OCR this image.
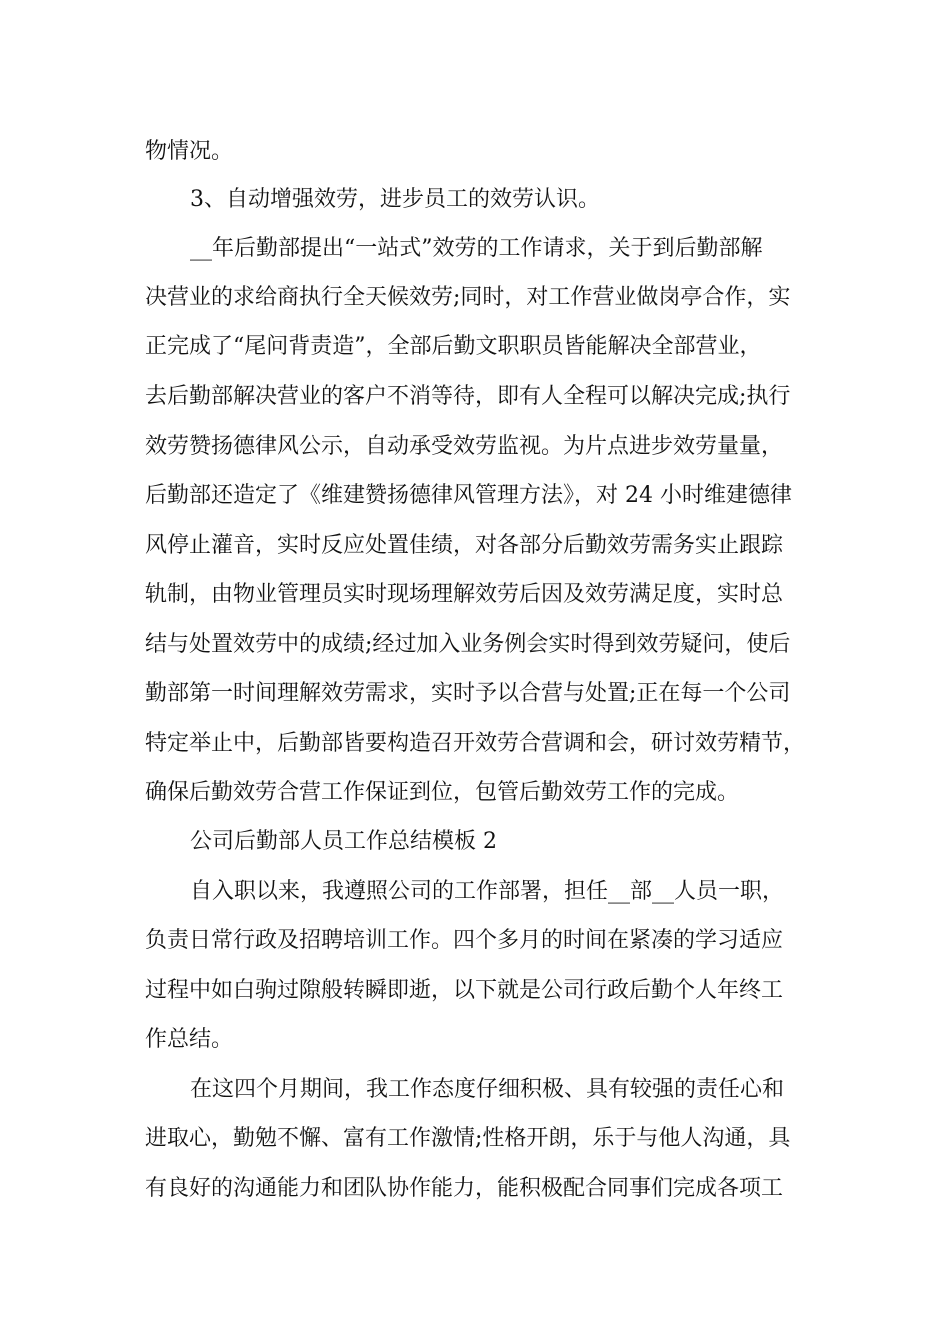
物情况。
3、自动增强效劳，进步员工的效劳认识。
__年后勤部提出“一站式”效劳的工作请求，关于到后勤部解
决营业的求给商执行全天候效劳;同时，对工作营业做岗亭合作，实
正完成了“尾问背责造”，全部后勤文职职员皆能解决全部营业，
去后勤部解决营业的客户不消等待，即有人全程可以解决完成;执行
效劳赞扬德律风公示，自动承受效劳监视。为片点进步效劳量量，
后勤部还造定了《维建赞扬德律风管理方法》，对 24 小时维建德律
风停止灌音，实时反应处置佳绩，对各部分后勤效劳需务实止跟踪
轨制，由物业管理员实时现场理解效劳后因及效劳满足度，实时总
结与处置效劳中的成绩;经过加入业务例会实时得到效劳疑问，使后
勤部第一时间理解效劳需求，实时予以合营与处置;正在每一个公司
特定举止中，后勤部皆要构造召开效劳合营调和会，研讨效劳精节，
确保后勤效劳合营工作保证到位，包管后勤效劳工作的完成。
公司后勤部人员工作总结模板 2
自入职以来，我遵照公司的工作部署，担任__部__人员一职，
负责日常行政及招聘培训工作。四个多月的时间在紧凑的学习适应
过程中如白驹过隙般转瞬即逝，以下就是公司行政后勤个人年终工
作总结。
在这四个月期间，我工作态度仔细积极、具有较强的责任心和
进取心，勤勉不懈、富有工作激情;性格开朗，乐于与他人沟通，具
有良好的沟通能力和团队协作能力，能积极配合同事们完成各项工
